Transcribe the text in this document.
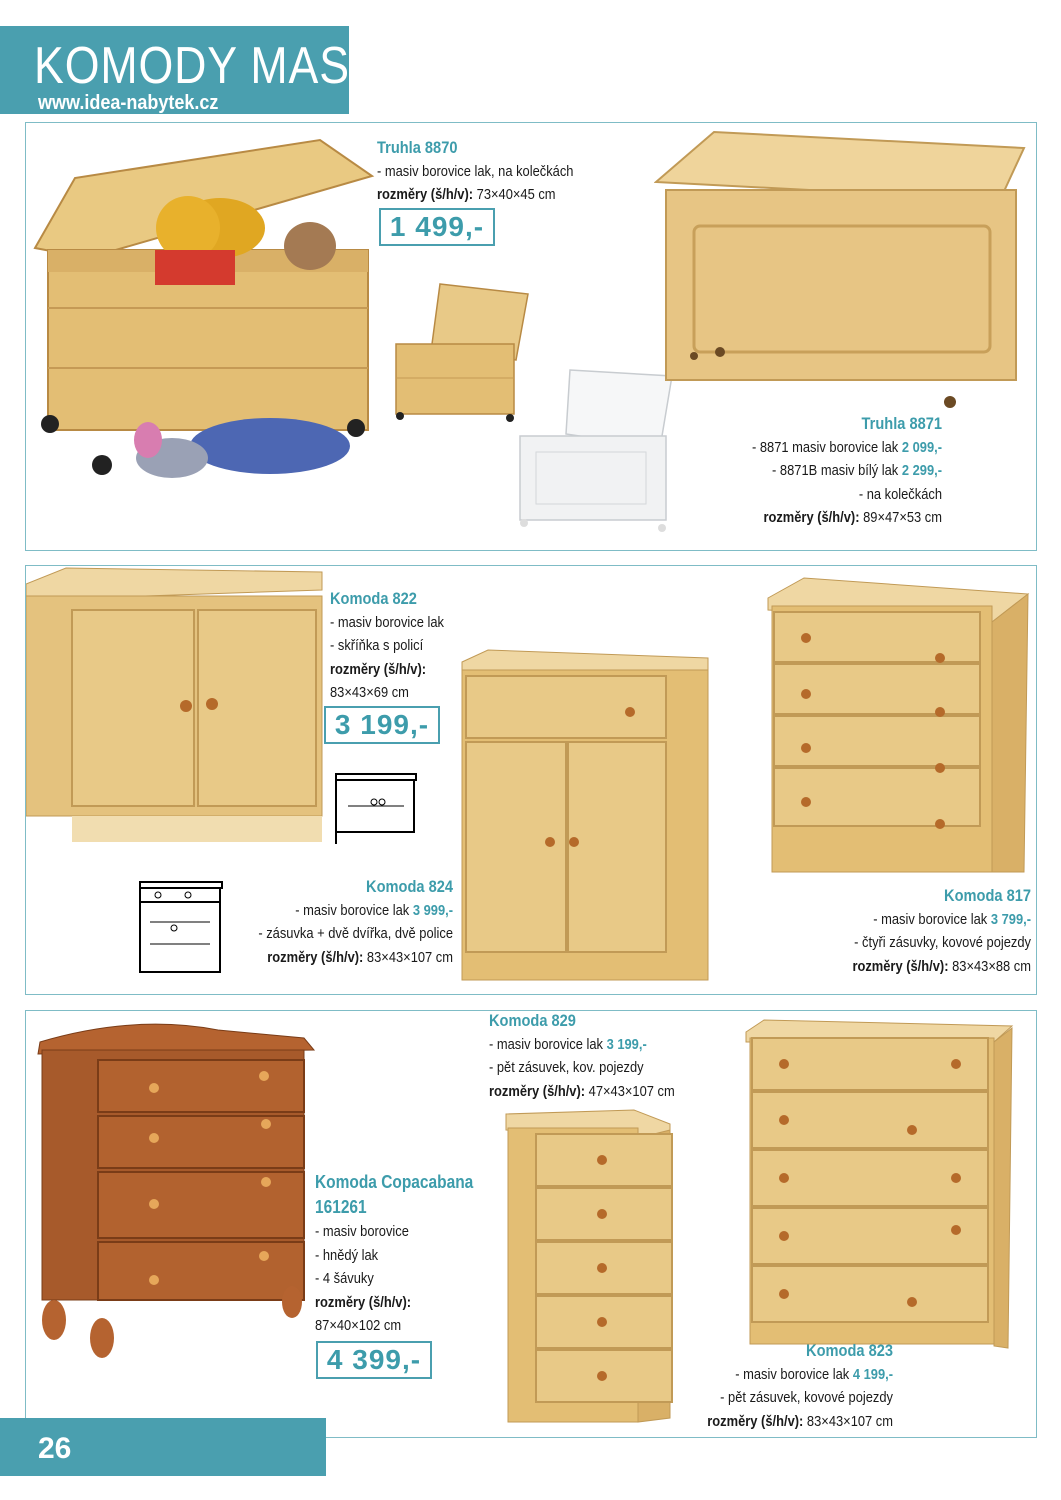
KOMODY MASIV
www.idea-nabytek.cz
Truhla 8870
- masiv borovice lak, na kolečkách
rozměry (š/h/v): 73×40×45 cm
1 499,-
Truhla 8871
- 8871 masiv borovice lak 2 099,-
- 8871B masiv bílý lak 2 299,-
- na kolečkách
rozměry (š/h/v): 89×47×53 cm
Komoda 822
- masiv borovice lak
- skříňka s policí
rozměry (š/h/v):
83×43×69 cm
3 199,-
Komoda 824
- masiv borovice lak 3 999,-
- zásuvka + dvě dvířka, dvě police
rozměry (š/h/v): 83×43×107 cm
Komoda 817
- masiv borovice lak 3 799,-
- čtyři zásuvky, kovové pojezdy
rozměry (š/h/v): 83×43×88 cm
Komoda 829
- masiv borovice lak 3 199,-
- pět zásuvek, kov. pojezdy
rozměry (š/h/v): 47×43×107 cm
Komoda Copacabana
161261
- masiv borovice
- hnědý lak
- 4 šávuky
rozměry (š/h/v):
87×40×102 cm
4 399,-	Komoda 823
- masiv borovice lak 4 199,-
- pět zásuvek, kovové pojezdy
rozměry (š/h/v): 83×43×107 cm
26
